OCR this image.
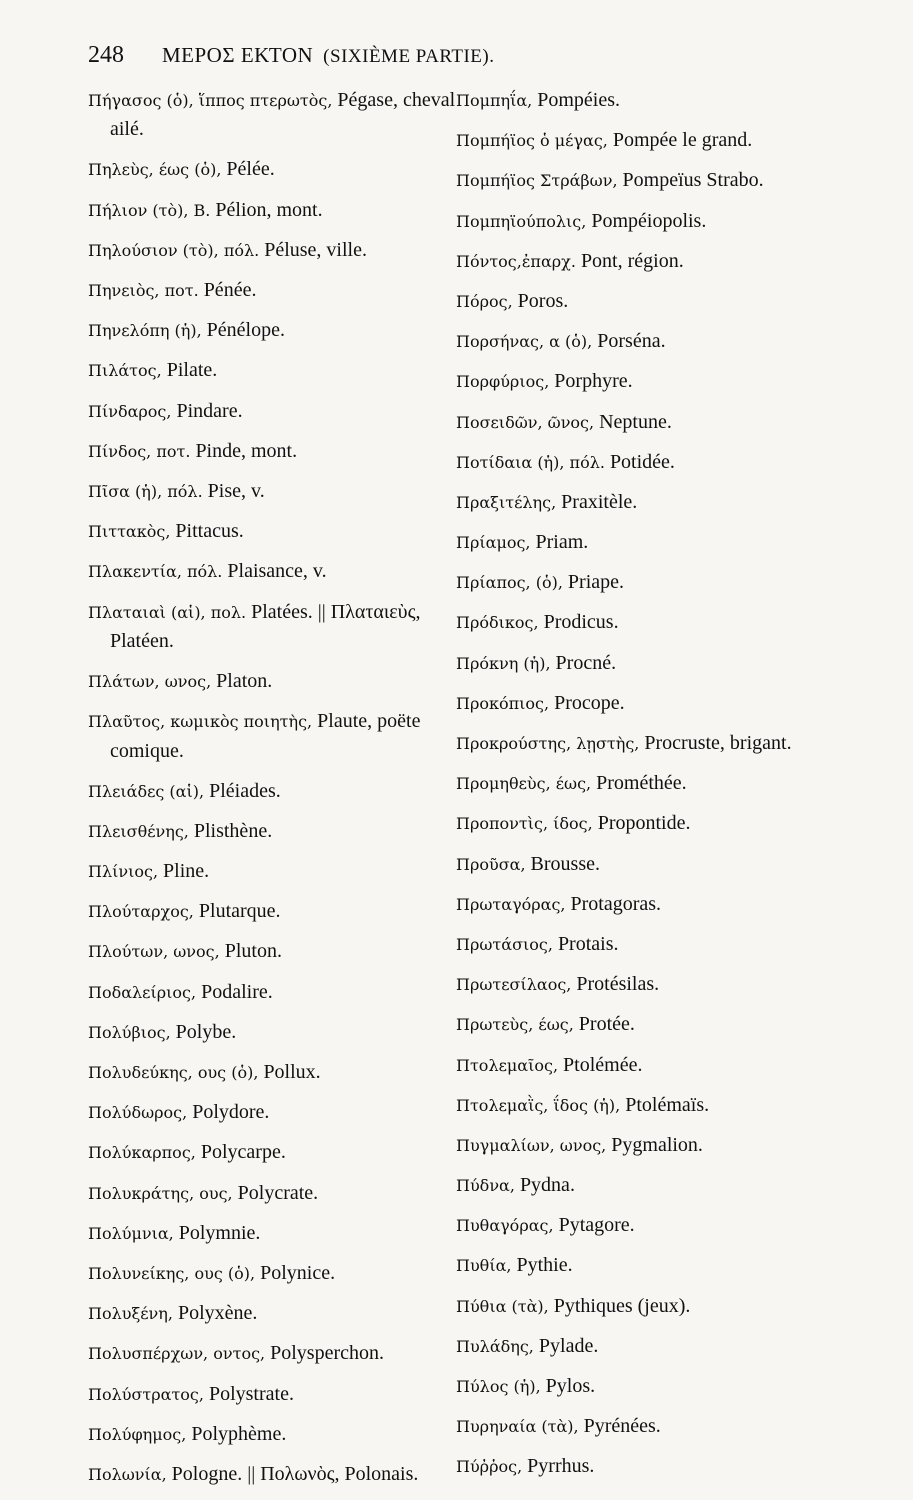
248 ΜΕΡΟΣ ΕΚΤΟΝ (SIXIÈME PARTIE).
Πήγασος (ὁ), ἵππος πτερωτὸς, Pégase, cheval ailé.
Πηλεὺς, έως (ὁ), Pélée.
Πήλιον (τὸ), Β. Pélion, mont.
Πηλούσιον (τὸ), πόλ. Péluse, ville.
Πηνειὸς, ποτ. Pénée.
Πηνελόπη (ἡ), Pénélope.
Πιλάτος, Pilate.
Πίνδαρος, Pindare.
Πίνδος, ποτ. Pinde, mont.
Πῖσα (ἡ), πόλ. Pise, v.
Πιττακὸς, Pittacus.
Πλακεντία, πόλ. Plaisance, v.
Πλαταιαὶ (αἱ), πολ. Platées. || Πλαταιεὺς, Platéen.
Πλάτων, ωνος, Platon.
Πλαῦτος, κωμικὸς ποιητὴς, Plaute, poëte comique.
Πλειάδες (αἱ), Pléiades.
Πλεισθένης, Plisthène.
Πλίνιος, Pline.
Πλούταρχος, Plutarque.
Πλούτων, ωνος, Pluton.
Ποδαλείριος, Podalire.
Πολύβιος, Polybe.
Πολυδεύκης, ους (ὁ), Pollux.
Πολύδωρος, Polydore.
Πολύκαρπος, Polycarpe.
Πολυκράτης, ους, Polycrate.
Πολύμνια, Polymnie.
Πολυνείκης, ους (ὁ), Polynice.
Πολυξένη, Polyxène.
Πολυσπέρχων, οντος, Polysperchon.
Πολύστρατος, Polystrate.
Πολύφημος, Polyphème.
Πολωνία, Pologne. || Πολωνὸς, Polonais.
Πομπηΐα, Pompéies.
Πομπήϊος ὁ μέγας, Pompée le grand.
Πομπήϊος Στράβων, Pompeïus Strabo.
Πομπηϊούπολις, Pompéiopolis.
Πόντος,ἐπαρχ. Pont, région.
Πόρος, Poros.
Πορσήνας, α (ὁ), Porséna.
Πορφύριος, Porphyre.
Ποσειδῶν, ῶνος, Neptune.
Ποτίδαια (ἡ), πόλ. Potidée.
Πραξιτέλης, Praxitèle.
Πρίαμος, Priam.
Πρίαπος, (ὁ), Priape.
Πρόδικος, Prodicus.
Πρόκνη (ἡ), Procné.
Προκόπιος, Procope.
Προκρούστης, λῃστὴς, Procruste, brigant.
Προμηθεὺς, έως, Prométhée.
Προποντὶς, ίδος, Propontide.
Προῦσα, Brousse.
Πρωταγόρας, Protagoras.
Πρωτάσιος, Protais.
Πρωτεσίλαος, Protésilas.
Πρωτεὺς, έως, Protée.
Πτολεμαῖος, Ptolémée.
Πτολεμαῒς, ΐδος (ἡ), Ptolémaïs.
Πυγμαλίων, ωνος, Pygmalion.
Πύδνα, Pydna.
Πυθαγόρας, Pytagore.
Πυθία, Pythie.
Πύθια (τὰ), Pythiques (jeux).
Πυλάδης, Pylade.
Πύλος (ἡ), Pylos.
Πυρηναία (τὰ), Pyrénées.
Πύῤῥος, Pyrrhus.
